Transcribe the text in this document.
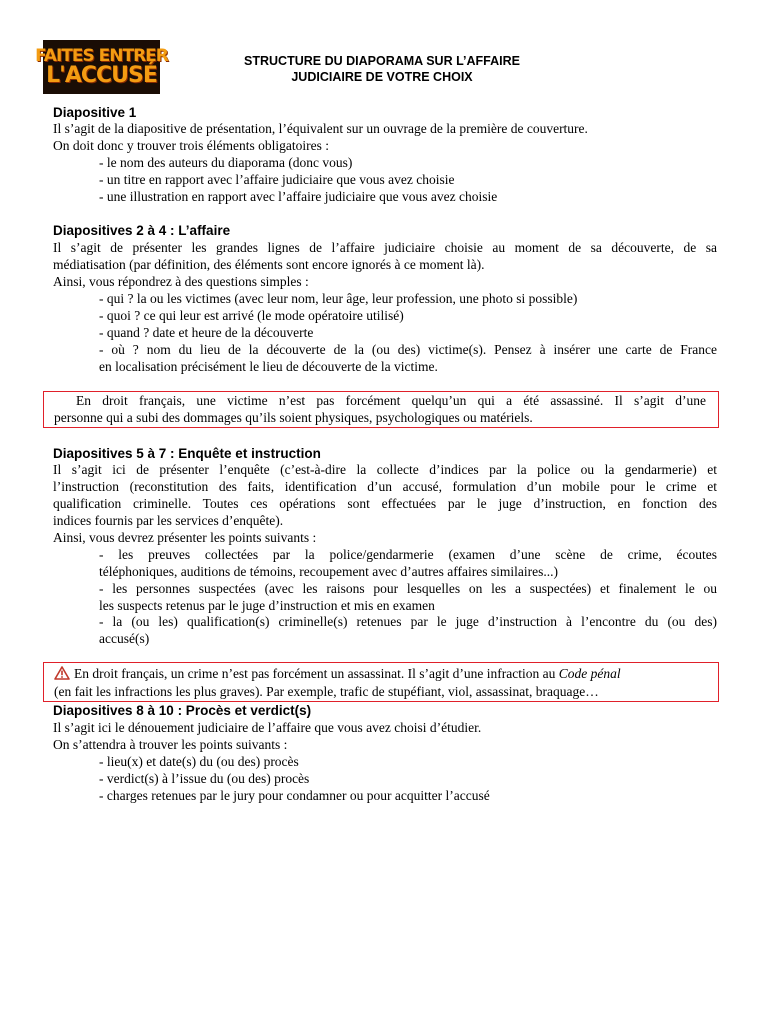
FAITES ENTRER
L'ACCUSÉ
STRUCTURE DU DIAPORAMA SUR L’AFFAIRE
JUDICIAIRE DE VOTRE CHOIX
Diapositive 1
Il s’agit de la diapositive de présentation, l’équivalent sur un ouvrage de la première de couverture.
On doit donc y trouver trois éléments obligatoires :
- le nom des auteurs du diaporama (donc vous)
- un titre en rapport avec l’affaire judiciaire que vous avez choisie
- une illustration en rapport avec l’affaire judiciaire que vous avez choisie
Diapositives 2 à 4 : L’affaire
Il s’agit de présenter les grandes lignes de l’affaire judiciaire choisie au moment de sa découverte, de sa
médiatisation (par définition, des éléments sont encore ignorés à ce moment là).
Ainsi, vous répondrez à des questions simples :
- qui ? la ou les victimes (avec leur nom, leur âge, leur profession, une photo si possible)
- quoi ? ce qui leur est arrivé (le mode opératoire utilisé)
- quand ? date et heure de la découverte
- où ? nom du lieu de la découverte de la (ou des) victime(s). Pensez à insérer une carte de France
en localisation précisément le lieu de découverte de la victime.
En droit français, une victime n’est pas forcément quelqu’un qui a été assassiné. Il s’agit d’une
personne qui a subi des dommages qu’ils soient physiques, psychologiques ou matériels.
Diapositives 5 à 7 : Enquête et instruction
Il s’agit ici de présenter l’enquête (c’est-à-dire la collecte d’indices par la police ou la gendarmerie) et
l’instruction (reconstitution des faits, identification d’un accusé, formulation d’un mobile pour le crime et
qualification criminelle. Toutes ces opérations sont effectuées par le juge d’instruction, en fonction des
indices fournis par les services d’enquête).
Ainsi, vous devrez présenter les points suivants :
- les preuves collectées par la police/gendarmerie (examen d’une scène de crime, écoutes
téléphoniques, auditions de témoins, recoupement avec d’autres affaires similaires...)
- les personnes suspectées (avec les raisons pour lesquelles on les a suspectées) et finalement le ou
les suspects retenus par le juge d’instruction et mis en examen
- la (ou les) qualification(s) criminelle(s) retenues par le juge d’instruction à l’encontre du (ou des)
accusé(s)
En droit français, un crime n’est pas forcément un assassinat. Il s’agit d’une infraction au Code pénal
(en fait les infractions les plus graves). Par exemple, trafic de stupéfiant, viol, assassinat, braquage…
Diapositives 8 à 10 : Procès et verdict(s)
Il s’agit ici le dénouement judiciaire de l’affaire que vous avez choisi d’étudier.
On s’attendra à trouver les points suivants :
- lieu(x) et date(s) du (ou des) procès
- verdict(s) à l’issue du (ou des) procès
- charges retenues par le jury pour condamner ou pour acquitter l’accusé
